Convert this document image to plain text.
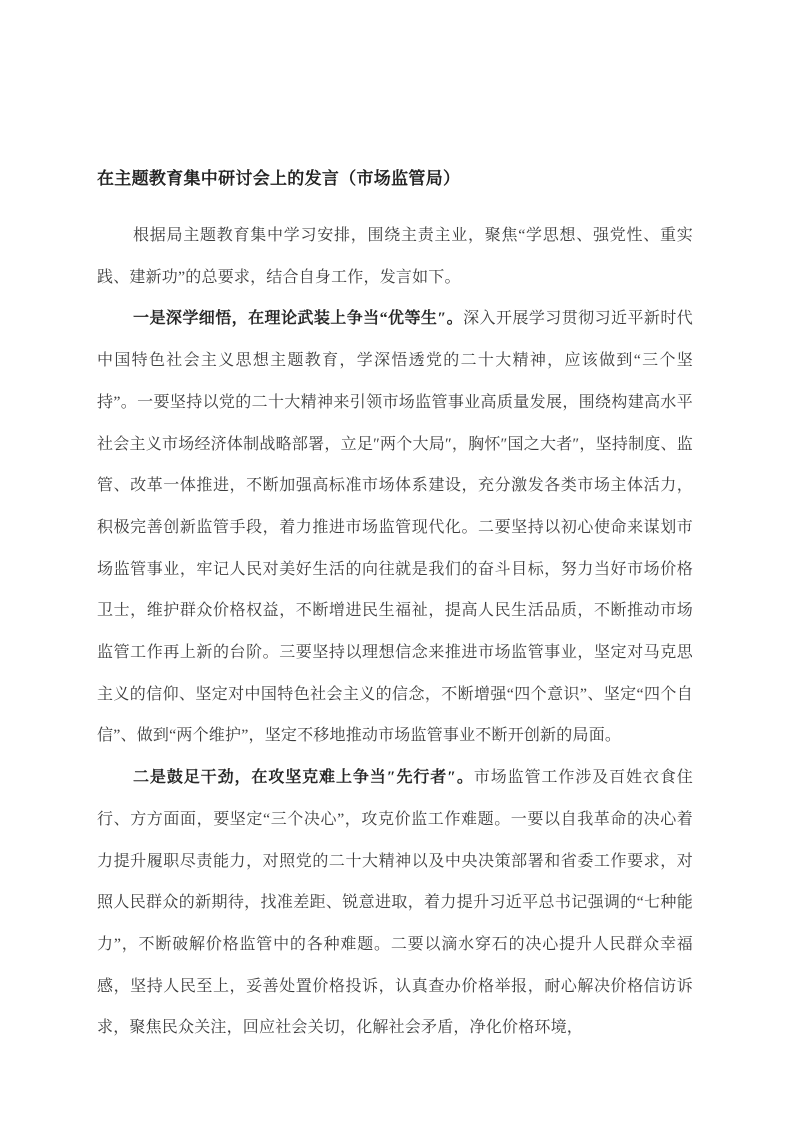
在主题教育集中研讨会上的发言（市场监管局）

根据局主题教育集中学习安排，围绕主责主业，聚焦“学思想、强党性、重实践、建新功”的总要求，结合自身工作，发言如下。

一是深学细悟，在理论武装上争当“优等生″。深入开展学习贯彻习近平新时代中国特色社会主义思想主题教育，学深悟透党的二十大精神，应该做到“三个坚持”。一要坚持以党的二十大精神来引领市场监管事业高质量发展，围绕构建高水平社会主义市场经济体制战略部署，立足″两个大局″，胸怀″国之大者″，坚持制度、监管、改革一体推进，不断加强高标准市场体系建设，充分激发各类市场主体活力，积极完善创新监管手段，着力推进市场监管现代化。二要坚持以初心使命来谋划市场监管事业，牢记人民对美好生活的向往就是我们的奋斗目标，努力当好市场价格卫士，维护群众价格权益，不断增进民生福祉，提高人民生活品质，不断推动市场监管工作再上新的台阶。三要坚持以理想信念来推进市场监管事业，坚定对马克思主义的信仰、坚定对中国特色社会主义的信念，不断增强“四个意识”、坚定“四个自信”、做到“两个维护”，坚定不移地推动市场监管事业不断开创新的局面。

二是鼓足干劲，在攻坚克难上争当″先行者″。市场监管工作涉及百姓衣食住行、方方面面，要坚定“三个决心”，攻克价监工作难题。一要以自我革命的决心着力提升履职尽责能力，对照党的二十大精神以及中央决策部署和省委工作要求，对照人民群众的新期待，找准差距、锐意进取，着力提升习近平总书记强调的“七种能力”，不断破解价格监管中的各种难题。二要以滴水穿石的决心提升人民群众幸福感，坚持人民至上，妥善处置价格投诉，认真查办价格举报，耐心解决价格信访诉求，聚焦民众关注，回应社会关切，化解社会矛盾，净化价格环境，
